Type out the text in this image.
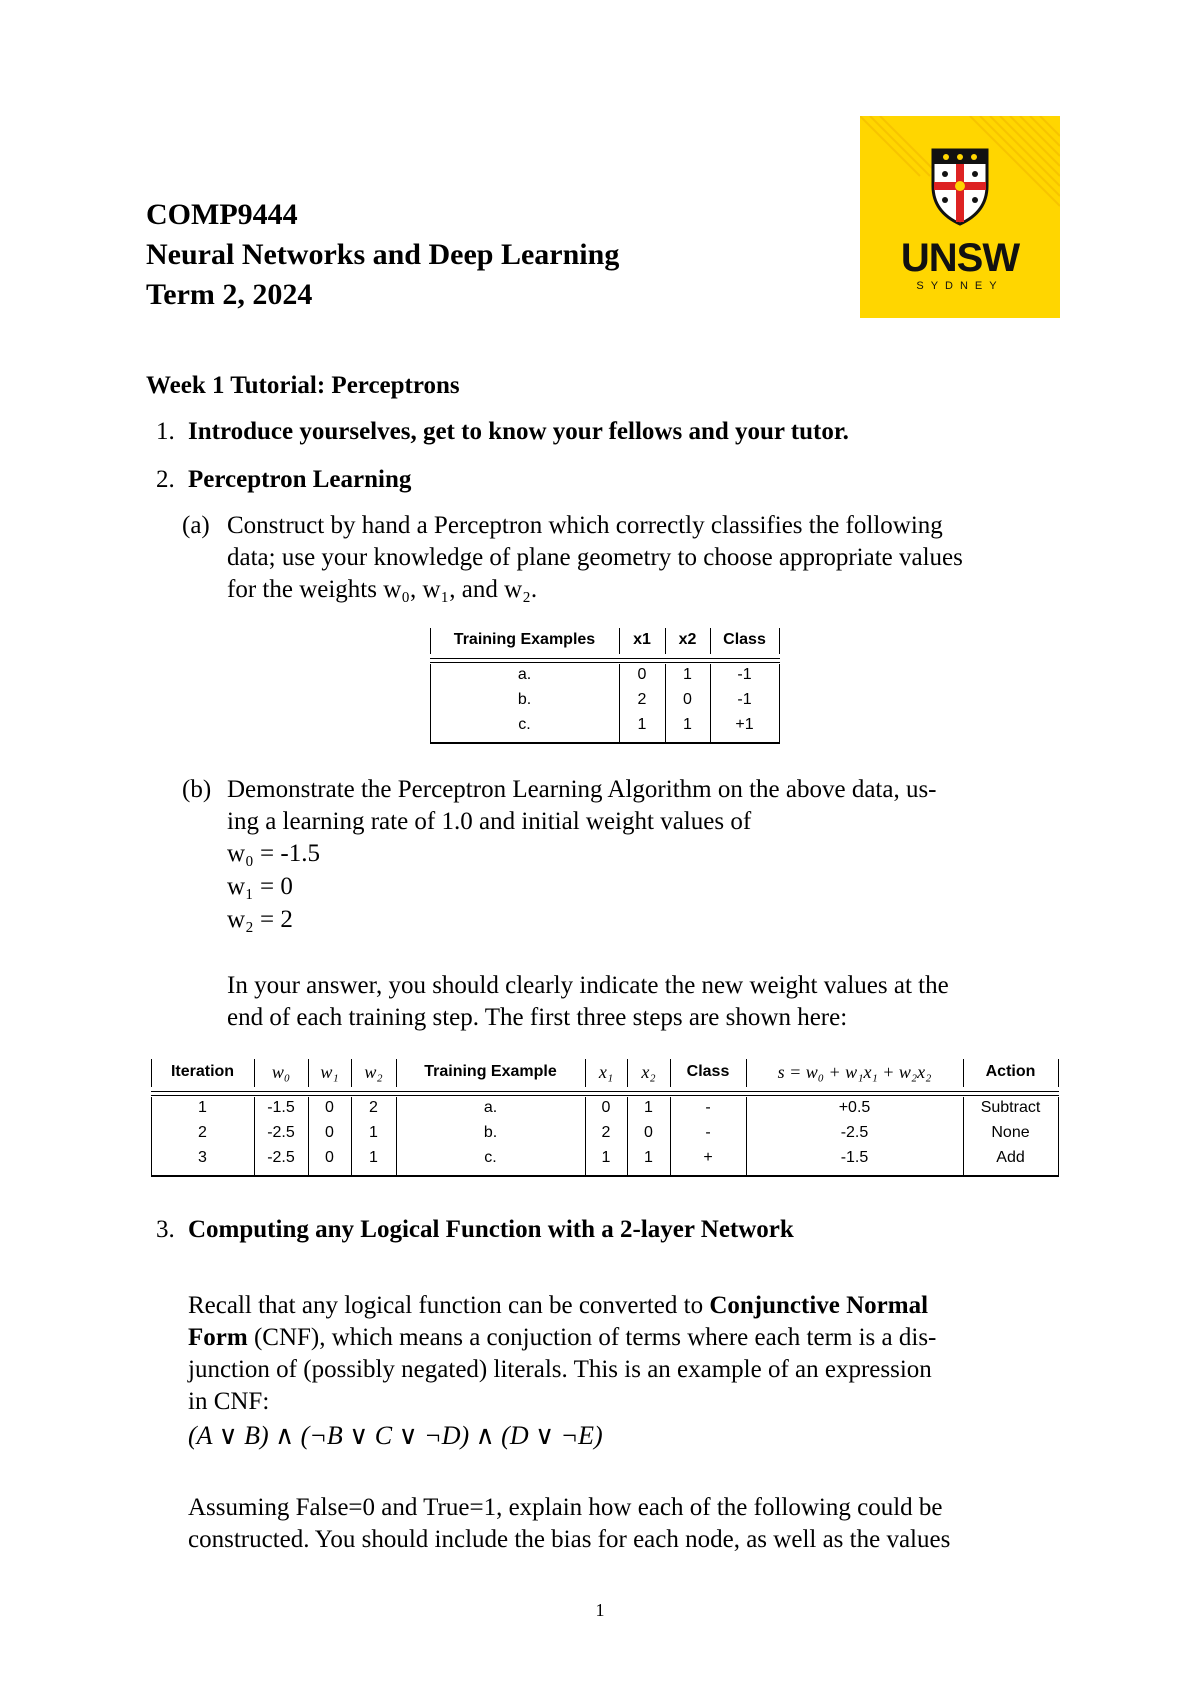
COMP9444
Neural Networks and Deep Learning
Term 2, 2024
UNSW
SYDNEY
Week 1 Tutorial: Perceptrons
1. Introduce yourselves, get to know your fellows and your tutor.
2. Perceptron Learning
(a) Construct by hand a Perceptron which correctly classifies the following
data; use your knowledge of plane geometry to choose appropriate values
for the weights w₀, w₁, and w₂.
Training Examples	x1	x2	Class
a.	0	1	-1
b.	2	0	-1
c.	1	1	+1
(b) Demonstrate the Perceptron Learning Algorithm on the above data, us-
ing a learning rate of 1.0 and initial weight values of
w₀ = -1.5
w₁ = 0
w₂ = 2
In your answer, you should clearly indicate the new weight values at the
end of each training step. The first three steps are shown here:
Iteration	w₀	w₁	w₂	Training Example	x₁	x₂	Class	s = w₀ + w₁x₁ + w₂x₂	Action
1	-1.5	0	2	a.	0	1	-	+0.5	Subtract
2	-2.5	0	1	b.	2	0	-	-2.5	None
3	-2.5	0	1	c.	1	1	+	-1.5	Add
3. Computing any Logical Function with a 2-layer Network
Recall that any logical function can be converted to Conjunctive Normal
Form (CNF), which means a conjuction of terms where each term is a dis-
junction of (possibly negated) literals. This is an example of an expression
in CNF:
(A ∨ B) ∧ (¬B ∨ C ∨ ¬D) ∧ (D ∨ ¬E)
Assuming False=0 and True=1, explain how each of the following could be
constructed. You should include the bias for each node, as well as the values
1
